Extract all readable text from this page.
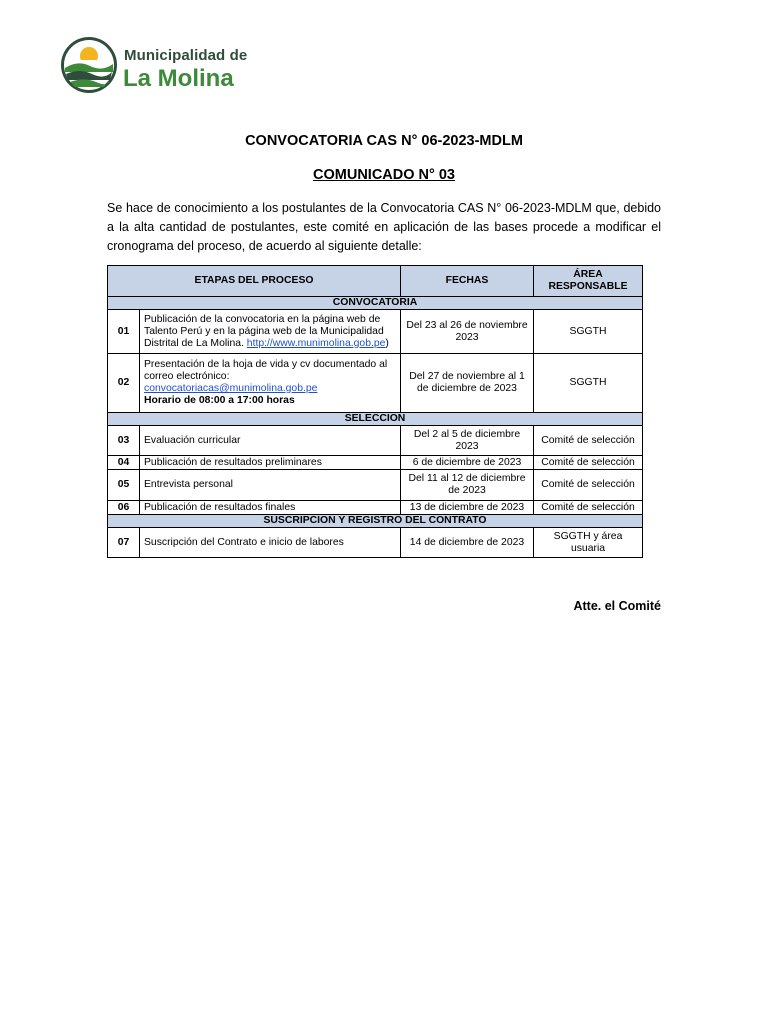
Municipalidad de
La Molina
CONVOCATORIA CAS N° 06-2023-MDLM
COMUNICADO N° 03
Se hace de conocimiento a los postulantes de la Convocatoria CAS N° 06-2023-MDLM que, debido a la alta cantidad de postulantes, este comité en aplicación de las bases procede a modificar el cronograma del proceso, de acuerdo al siguiente detalle:
ETAPAS DEL PROCESO		FECHAS	ÁREA RESPONSABLE
CONVOCATORIA			
01	Publicación de la convocatoria en la página web de Talento Perú y en la página web de la Municipalidad Distrital de La Molina. http://www.munimolina.gob.pe)	Del 23 al 26 de noviembre 2023	SGGTH
02	Presentación de la hoja de vida y cv documentado al correo electrónico:
convocatoriacas@munimolina.gob.pe
Horario de 08:00 a 17:00 horas	Del 27 de noviembre al 1 de diciembre de 2023	SGGTH
SELECCION			
03	Evaluación curricular	Del 2 al 5 de diciembre 2023	Comité de selección
04	Publicación de resultados preliminares	6 de diciembre de 2023	Comité de selección
05	Entrevista personal	Del 11 al 12 de diciembre de 2023	Comité de selección
06	Publicación de resultados finales	13 de diciembre de 2023	Comité de selección
SUSCRIPCION Y REGISTRO DEL CONTRATO			
07	Suscripción del Contrato e inicio de labores	14 de diciembre de 2023	SGGTH y área usuaria
Atte. el Comité
